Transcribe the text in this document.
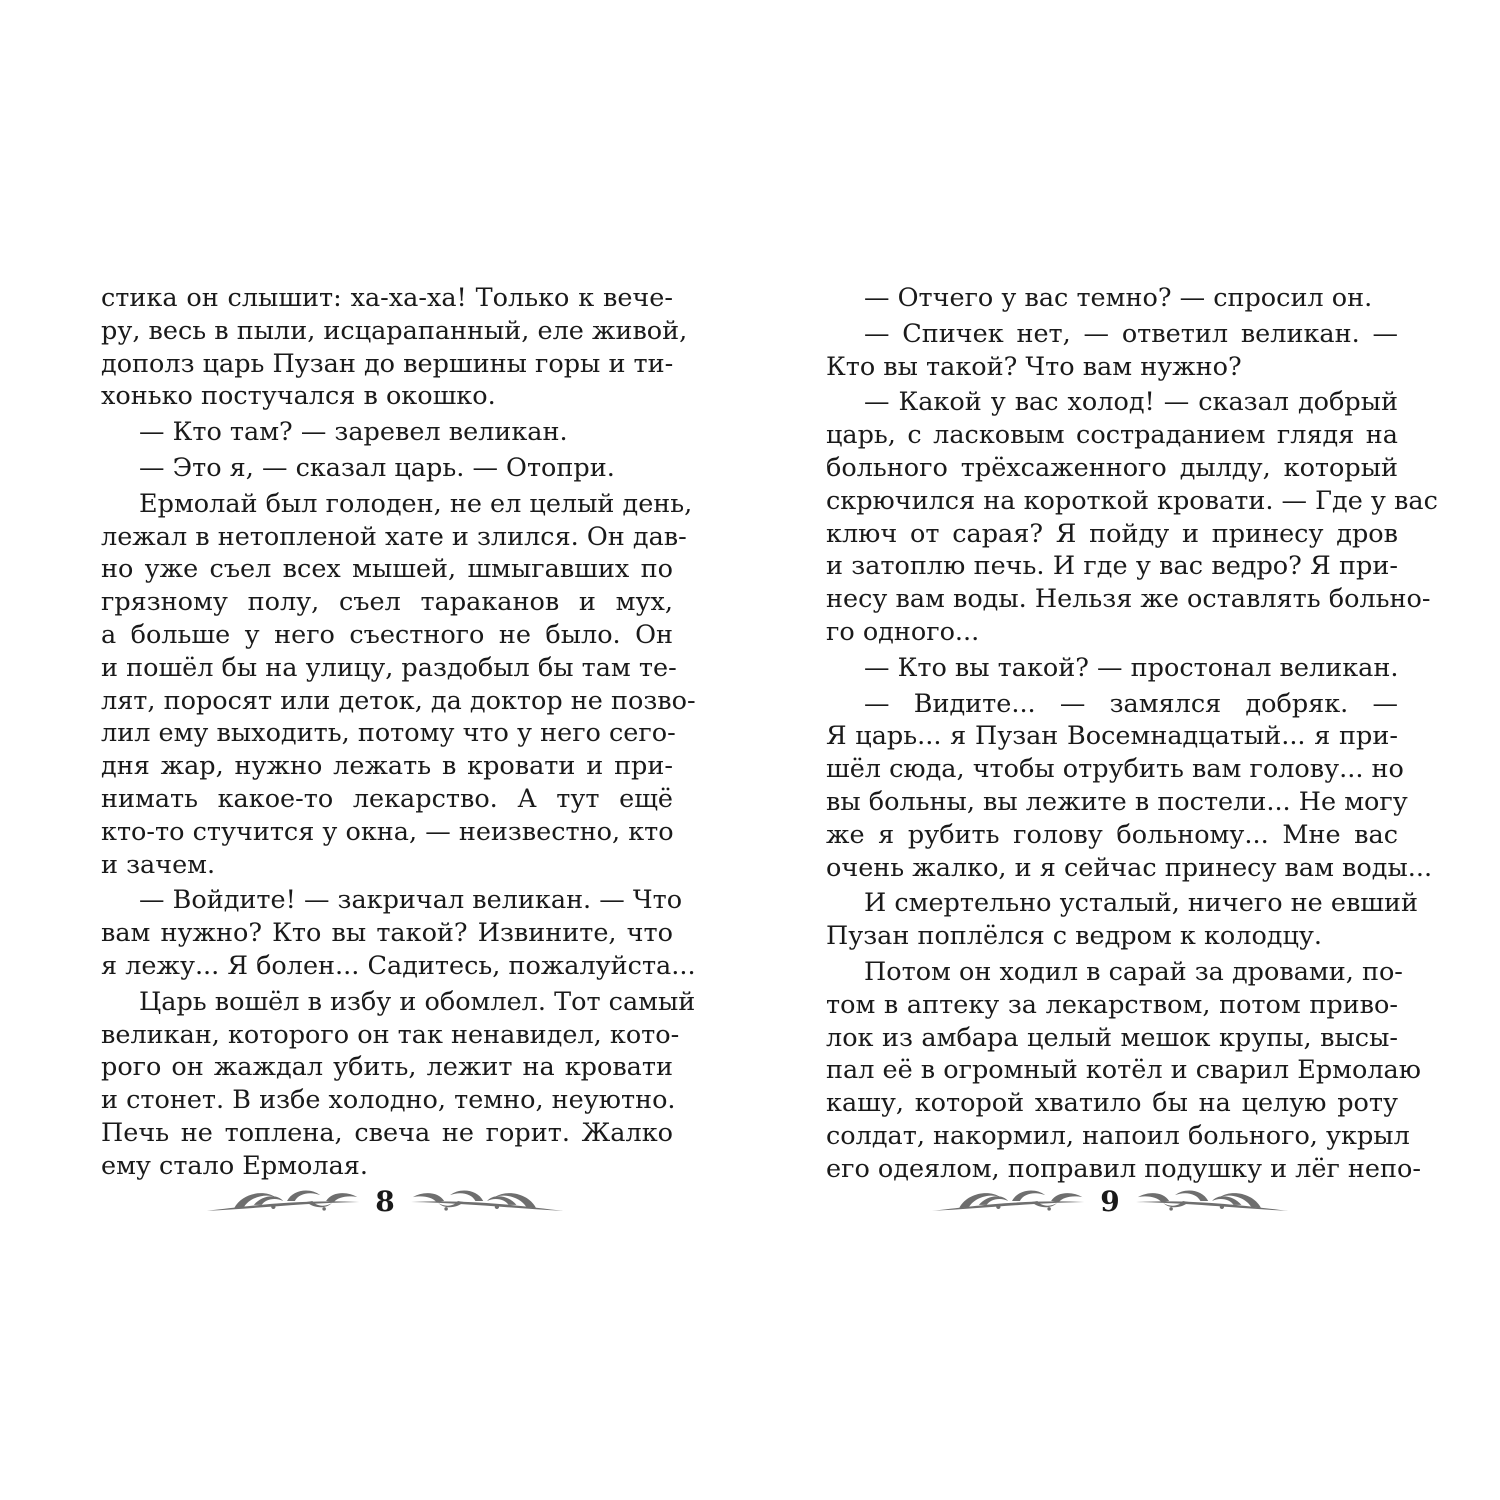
стика он слышит: ха-ха-ха! Только к вече-
ру, весь в пыли, исцарапанный, еле живой,
дополз царь Пузан до вершины горы и ти-
хонько постучался в окошко.
— Кто там? — заревел великан.
— Это я, — сказал царь. — Отопри.
Ермолай был голоден, не ел целый день,
лежал в нетопленой хате и злился. Он дав-
но уже съел всех мышей, шмыгавших по
грязному полу, съел тараканов и мух,
а больше у него съестного не было. Он
и пошёл бы на улицу, раздобыл бы там те-
лят, поросят или деток, да доктор не позво-
лил ему выходить, потому что у него сего-
дня жар, нужно лежать в кровати и при-
нимать какое-то лекарство. А тут ещё
кто-то стучится у окна, — неизвестно, кто
и зачем.
— Войдите! — закричал великан. — Что
вам нужно? Кто вы такой? Извините, что
я лежу... Я болен... Садитесь, пожалуйста...
Царь вошёл в избу и обомлел. Тот самый
великан, которого он так ненавидел, кото-
рого он жаждал убить, лежит на кровати
и стонет. В избе холодно, темно, неуютно.
Печь не топлена, свеча не горит. Жалко
ему стало Ермолая.
— Отчего у вас темно? — спросил он.
— Спичек нет, — ответил великан. —
Кто вы такой? Что вам нужно?
— Какой у вас холод! — сказал добрый
царь, с ласковым состраданием глядя на
больного трёхсаженного дылду, который
скрючился на короткой кровати. — Где у вас
ключ от сарая? Я пойду и принесу дров
и затоплю печь. И где у вас ведро? Я при-
несу вам воды. Нельзя же оставлять больно-
го одного...
— Кто вы такой? — простонал великан.
— Видите... — замялся добряк. —
Я царь... я Пузан Восемнадцатый... я при-
шёл сюда, чтобы отрубить вам голову... но
вы больны, вы лежите в постели... Не могу
же я рубить голову больному... Мне вас
очень жалко, и я сейчас принесу вам воды...
И смертельно усталый, ничего не евший
Пузан поплёлся с ведром к колодцу.
Потом он ходил в сарай за дровами, по-
том в аптеку за лекарством, потом приво-
лок из амбара целый мешок крупы, высы-
пал её в огромный котёл и сварил Ермолаю
кашу, которой хватило бы на целую роту
солдат, накормил, напоил больного, укрыл
его одеялом, поправил подушку и лёг непо-
8	9
